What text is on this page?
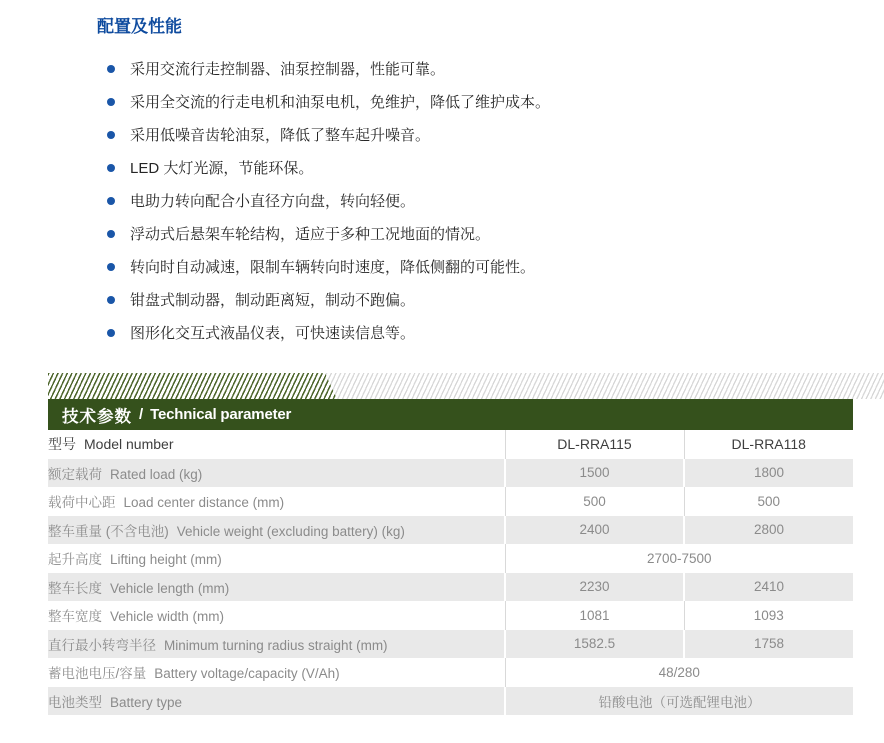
配置及性能
采用交流行走控制器、油泵控制器，性能可靠。
采用全交流的行走电机和油泵电机，免维护，降低了维护成本。
采用低噪音齿轮油泵，降低了整车起升噪音。
LED 大灯光源，节能环保。
电助力转向配合小直径方向盘，转向轻便。
浮动式后悬架车轮结构，适应于多种工况地面的情况。
转向时自动减速，限制车辆转向时速度，降低侧翻的可能性。
钳盘式制动器，制动距离短，制动不跑偏。
图形化交互式液晶仪表，可快速读信息等。
技术参数 / Technical parameter
型号 Model number	DL-RRA115	DL-RRA118
额定载荷 Rated load (kg)	1500	1800
载荷中心距 Load center distance (mm)	500	500
整车重量 (不含电池) Vehicle weight (excluding battery) (kg)	2400	2800
起升高度 Lifting height (mm)	2700-7500	
整车长度 Vehicle length (mm)	2230	2410
整车宽度 Vehicle width (mm)	1081	1093
直行最小转弯半径 Minimum turning radius straight (mm)	1582.5	1758
蓄电池电压/容量 Battery voltage/capacity (V/Ah)	48/280	
电池类型 Battery type	铅酸电池（可选配锂电池）	
